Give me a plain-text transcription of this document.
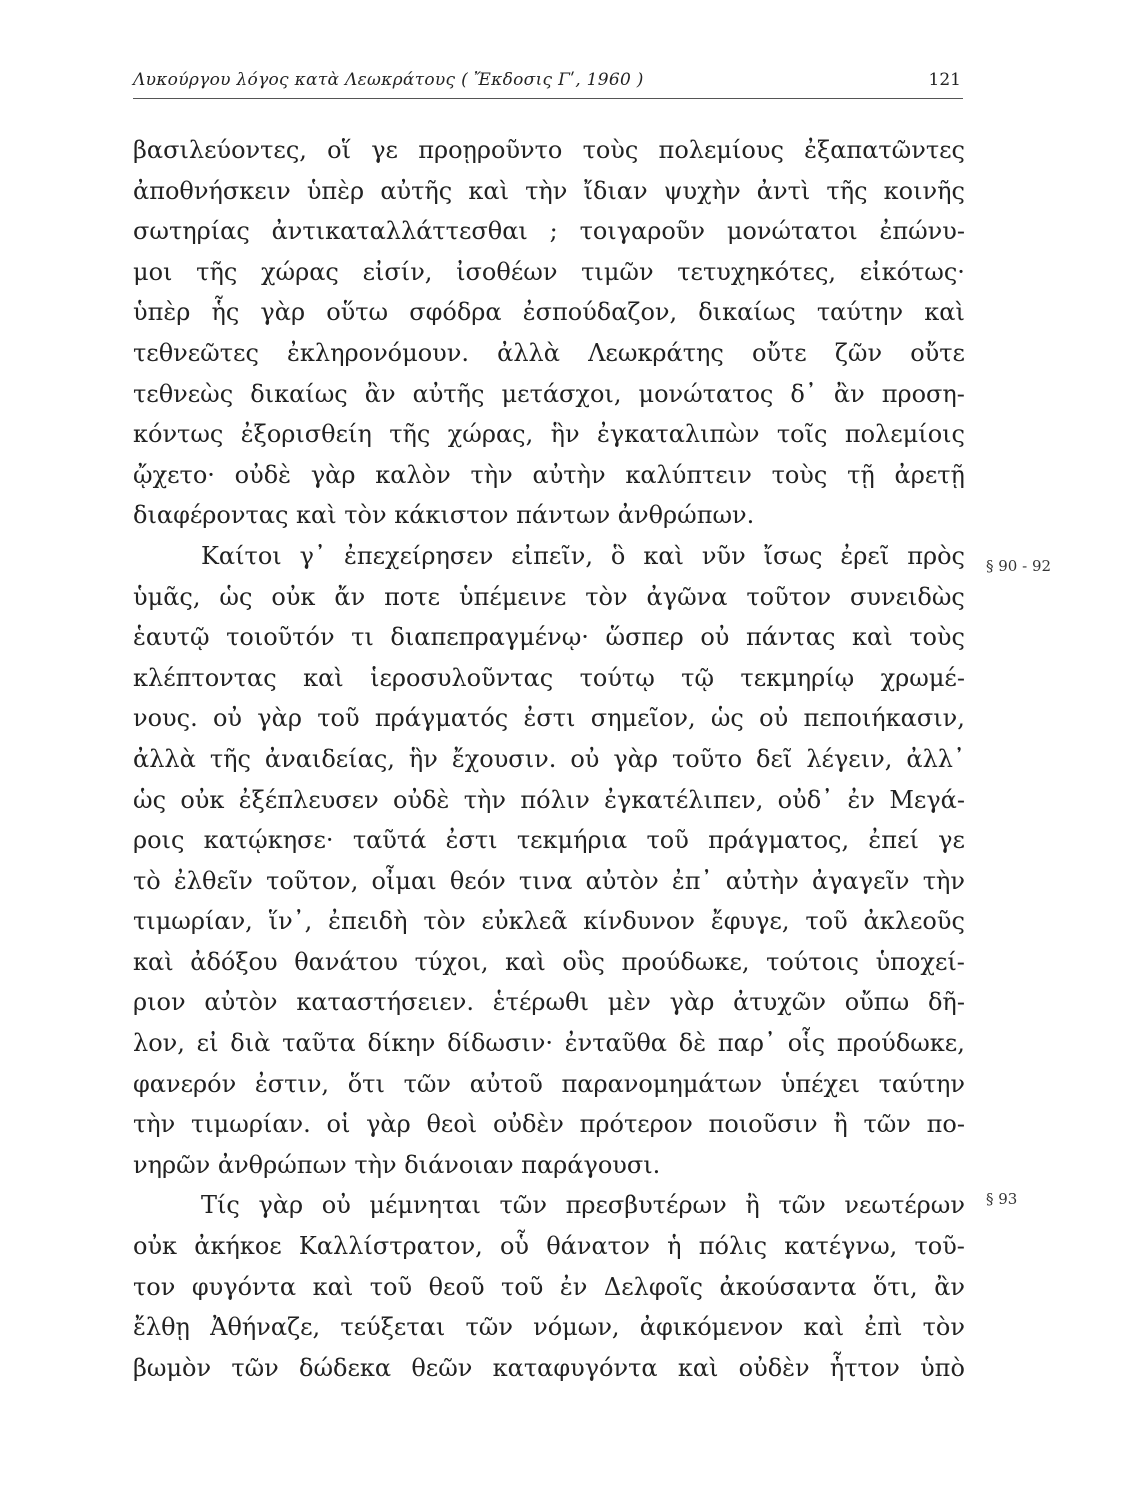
Λυκούργου λόγος κατὰ Λεωκράτους ( Ἔκδοσις Γʹ, 1960 )	121
§ 90 - 92
§ 93
βασιλεύοντες, οἵ γε προῃροῦντο τοὺς πολεμίους ἐξαπατῶντες
ἀποθνήσκειν ὑπὲρ αὐτῆς καὶ τὴν ἴδιαν ψυχὴν ἀντὶ τῆς κοινῆς
σωτηρίας ἀντικαταλλάττεσθαι ; τοιγαροῦν μονώτατοι ἐπώνυ-
μοι τῆς χώρας εἰσίν, ἰσοθέων τιμῶν τετυχηκότες, εἰκότως·
ὑπὲρ ἧς γὰρ οὕτω σφόδρα ἐσπούδαζον, δικαίως ταύτην καὶ
τεθνεῶτες ἐκληρονόμουν. ἀλλὰ Λεωκράτης οὔτε ζῶν οὔτε
τεθνεὼς δικαίως ἂν αὐτῆς μετάσχοι, μονώτατος δ᾽ ἂν προση-
κόντως ἐξορισθείη τῆς χώρας, ἣν ἐγκαταλιπὼν τοῖς πολεμίοις
ᾤχετο· οὐδὲ γὰρ καλὸν τὴν αὐτὴν καλύπτειν τοὺς τῇ ἀρετῇ
διαφέροντας καὶ τὸν κάκιστον πάντων ἀνθρώπων.
Καίτοι γ᾽ ἐπεχείρησεν εἰπεῖν, ὃ καὶ νῦν ἴσως ἐρεῖ πρὸς
ὑμᾶς, ὡς οὐκ ἄν ποτε ὑπέμεινε τὸν ἀγῶνα τοῦτον συνειδὼς
ἑαυτῷ τοιοῦτόν τι διαπεπραγμένῳ· ὥσπερ οὐ πάντας καὶ τοὺς
κλέπτοντας καὶ ἱεροσυλοῦντας τούτῳ τῷ τεκμηρίῳ χρωμέ-
νους. οὐ γὰρ τοῦ πράγματός ἐστι σημεῖον, ὡς οὐ πεποιήκασιν,
ἀλλὰ τῆς ἀναιδείας, ἣν ἔχουσιν. οὐ γὰρ τοῦτο δεῖ λέγειν, ἀλλ᾽
ὡς οὐκ ἐξέπλευσεν οὐδὲ τὴν πόλιν ἐγκατέλιπεν, οὐδ᾽ ἐν Μεγά-
ροις κατῴκησε· ταῦτά ἐστι τεκμήρια τοῦ πράγματος, ἐπεί γε
τὸ ἐλθεῖν τοῦτον, οἶμαι θεόν τινα αὐτὸν ἐπ᾽ αὐτὴν ἀγαγεῖν τὴν
τιμωρίαν, ἵν᾽, ἐπειδὴ τὸν εὐκλεᾶ κίνδυνον ἔφυγε, τοῦ ἀκλεοῦς
καὶ ἀδόξου θανάτου τύχοι, καὶ οὓς προύδωκε, τούτοις ὑποχεί-
ριον αὐτὸν καταστήσειεν. ἑτέρωθι μὲν γὰρ ἀτυχῶν οὔπω δῆ-
λον, εἰ διὰ ταῦτα δίκην δίδωσιν· ἐνταῦθα δὲ παρ᾽ οἷς προύδωκε,
φανερόν ἐστιν, ὅτι τῶν αὐτοῦ παρανομημάτων ὑπέχει ταύτην
τὴν τιμωρίαν. οἱ γὰρ θεοὶ οὐδὲν πρότερον ποιοῦσιν ἢ τῶν πο-
νηρῶν ἀνθρώπων τὴν διάνοιαν παράγουσι.
Τίς γὰρ οὐ μέμνηται τῶν πρεσβυτέρων ἢ τῶν νεωτέρων
οὐκ ἀκήκοε Καλλίστρατον, οὗ θάνατον ἡ πόλις κατέγνω, τοῦ-
τον φυγόντα καὶ τοῦ θεοῦ τοῦ ἐν Δελφοῖς ἀκούσαντα ὅτι, ἂν
ἔλθῃ Ἀθήναζε, τεύξεται τῶν νόμων, ἀφικόμενον καὶ ἐπὶ τὸν
βωμὸν τῶν δώδεκα θεῶν καταφυγόντα καὶ οὐδὲν ἧττον ὑπὸ
